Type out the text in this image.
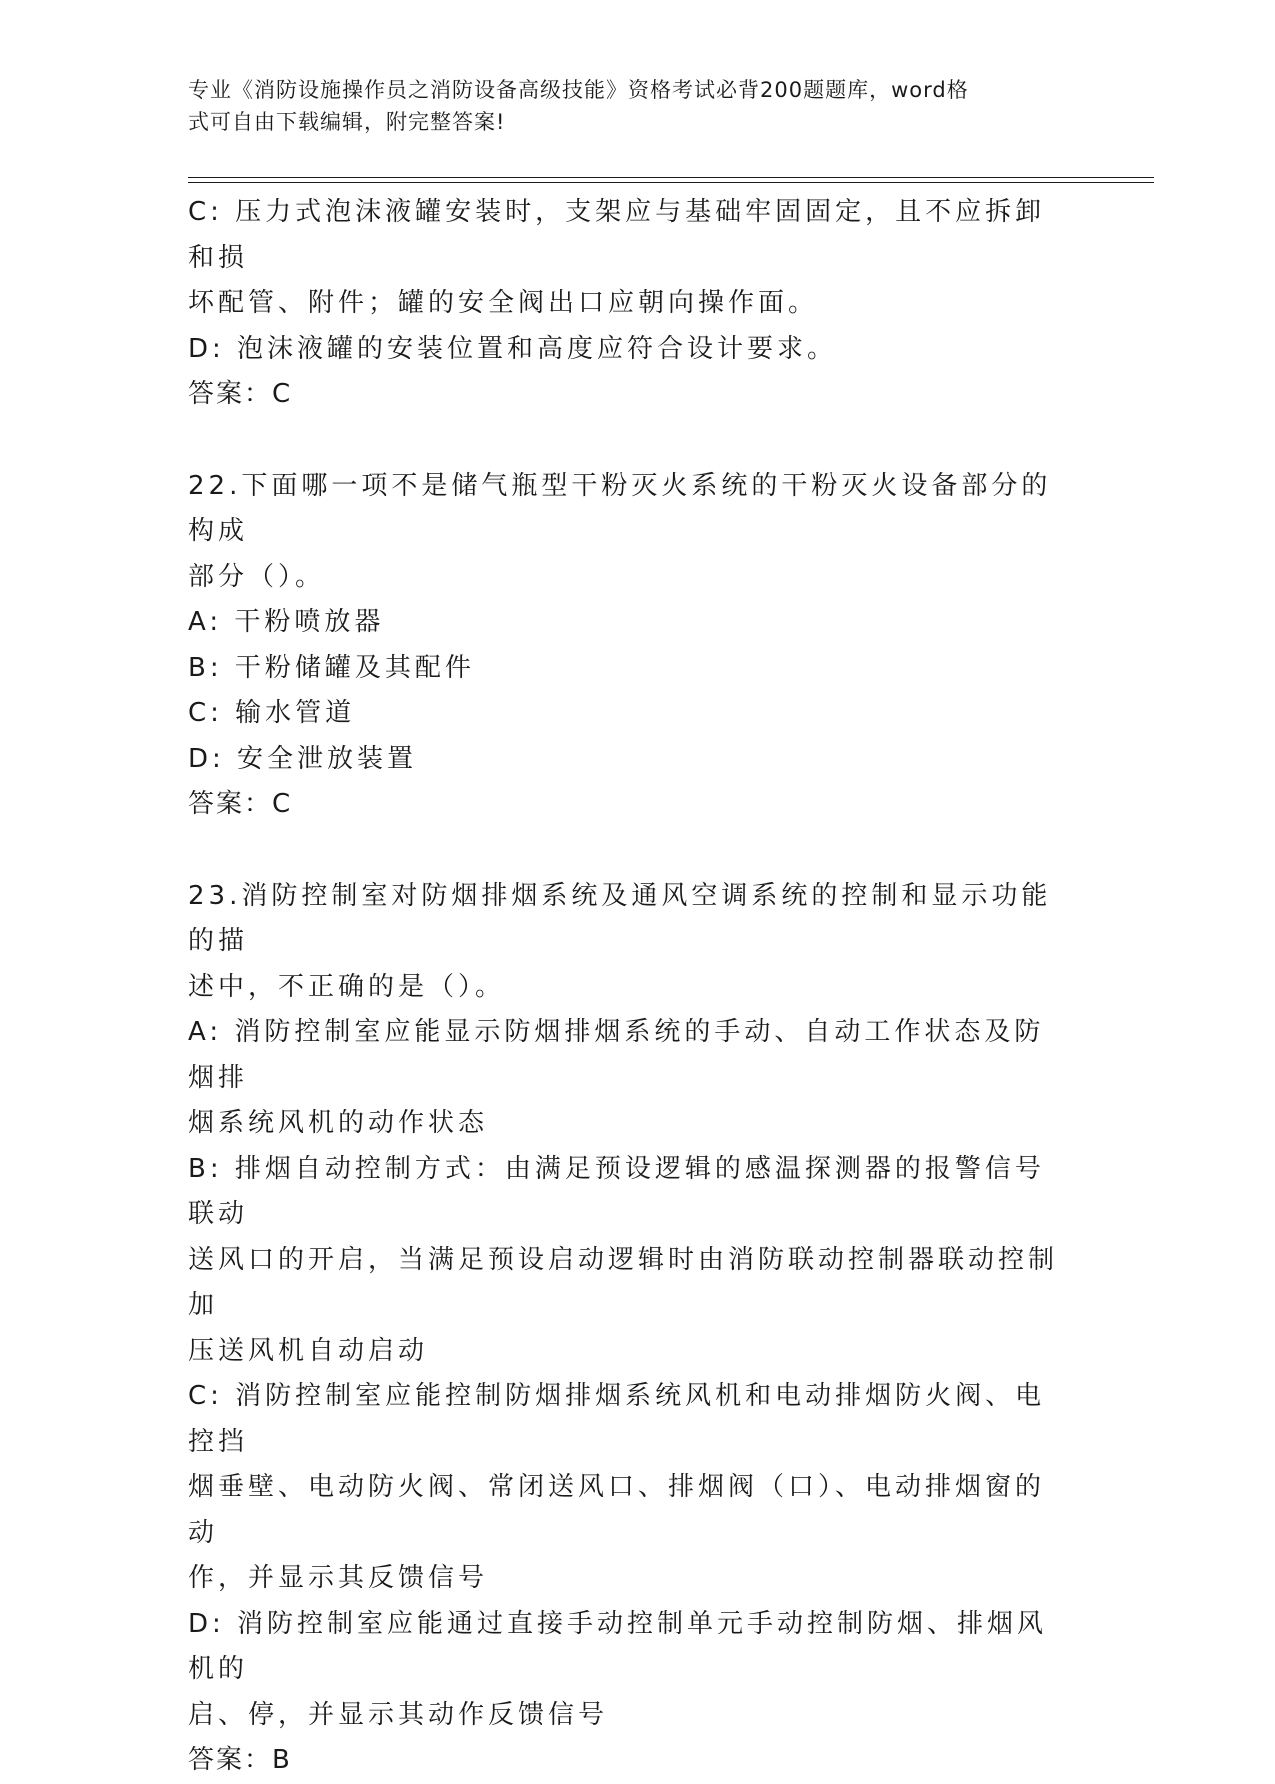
专业《消防设施操作员之消防设备高级技能》资格考试必背200题题库，word格

式可自由下载编辑，附完整答案!

C: 压力式泡沫液罐安装时，支架应与基础牢固固定，且不应拆卸和损

坏配管、附件；罐的安全阀出口应朝向操作面。

D: 泡沫液罐的安装位置和高度应符合设计要求。

答案：C

22.下面哪一项不是储气瓶型干粉灭火系统的干粉灭火设备部分的构成

部分（）。

A: 干粉喷放器

B: 干粉储罐及其配件

C: 输水管道

D: 安全泄放装置

答案：C

23.消防控制室对防烟排烟系统及通风空调系统的控制和显示功能的描

述中，不正确的是（）。

A: 消防控制室应能显示防烟排烟系统的手动、自动工作状态及防烟排

烟系统风机的动作状态

B: 排烟自动控制方式：由满足预设逻辑的感温探测器的报警信号联动

送风口的开启，当满足预设启动逻辑时由消防联动控制器联动控制加

压送风机自动启动

C: 消防控制室应能控制防烟排烟系统风机和电动排烟防火阀、电控挡

烟垂壁、电动防火阀、常闭送风口、排烟阀（口）、电动排烟窗的动

作，并显示其反馈信号

D: 消防控制室应能通过直接手动控制单元手动控制防烟、排烟风机的

启、停，并显示其动作反馈信号

答案：B
